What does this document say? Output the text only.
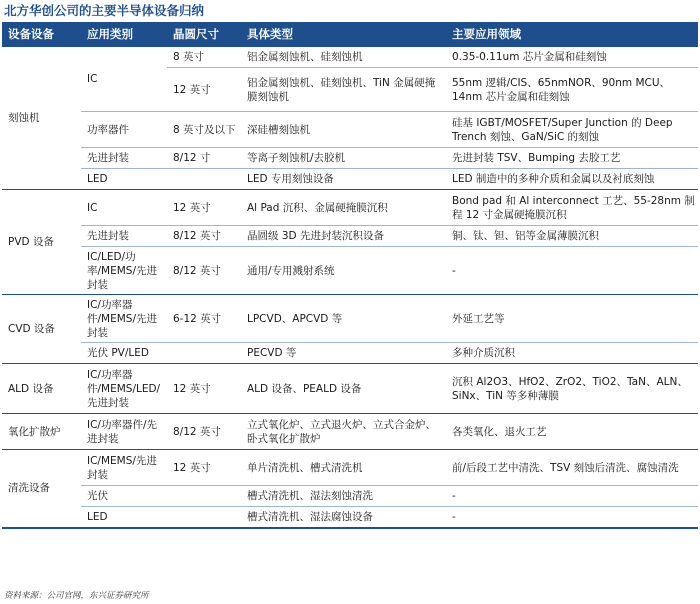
北方华创公司的主要半导体设备归纳
设备设备	应用类别	晶圆尺寸	具体类型	主要应用领域
刻蚀机	IC	8 英寸	铝金属刻蚀机、硅刻蚀机	0.35-0.11um 芯片金属和硅刻蚀
		12 英寸	铝金属刻蚀机、硅刻蚀机、TiN 金属硬掩膜刻蚀机	55nm 逻辑/CIS、65nmNOR、90nm MCU、14nm 芯片金属和硅刻蚀
	功率器件	8 英寸及以下	深硅槽刻蚀机	硅基 IGBT/MOSFET/Super Junction 的 Deep Trench 刻蚀、GaN/SiC 的刻蚀
	先进封装	8/12 寸	等离子刻蚀机/去胶机	先进封装 TSV、Bumping 去胶工艺
	LED		LED 专用刻蚀设备	LED 制造中的多种介质和金属以及衬底刻蚀
PVD 设备	IC	12 英寸	Al Pad 沉积、金属硬掩膜沉积	Bond pad 和 Al interconnect 工艺、55-28nm 制程 12 寸金属硬掩膜沉积
	先进封装	8/12 英寸	晶圆级 3D 先进封装沉积设备	铜、钛、钽、铝等金属薄膜沉积
	IC/LED/功率/MEMS/先进封装	8/12 英寸	通用/专用溅射系统	-
CVD 设备	IC/功率器件/MEMS/先进封装	6-12 英寸	LPCVD、APCVD 等	外延工艺等
	光伏 PV/LED		PECVD 等	多种介质沉积
ALD 设备	IC/功率器件/MEMS/LED/先进封装	12 英寸	ALD 设备、PEALD 设备	沉积 Al2O3、HfO2、ZrO2、TiO2、TaN、ALN、SiNx、TiN 等多种薄膜
氧化扩散炉	IC/功率器件/先进封装	8/12 英寸	立式氧化炉、立式退火炉、立式合金炉、卧式氧化扩散炉	各类氧化、退火工艺
清洗设备	IC/MEMS/先进封装	12 英寸	单片清洗机、槽式清洗机	前/后段工艺中清洗、TSV 刻蚀后清洗、腐蚀清洗
	光伏		槽式清洗机、湿法刻蚀清洗	-
	LED		槽式清洗机、湿法腐蚀设备	-

资料来源：公司官网，东兴证券研究所
